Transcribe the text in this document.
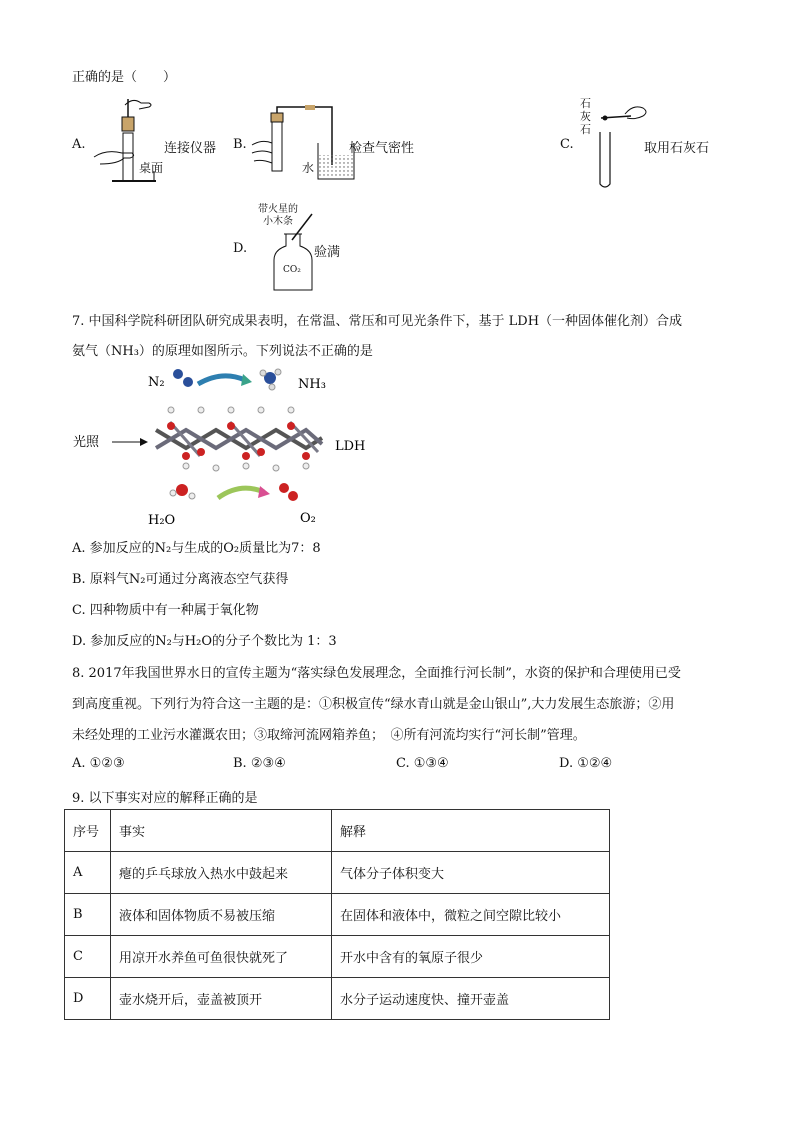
正确的是（　　）
A.
桌面
连接仪器 B.
水
检查气密性	C.
石
灰
石
取用石灰石
D.
带火星的
小木条
CO₂
验满
7. 中国科学院科研团队研究成果表明，在常温、常压和可见光条件下，基于 LDH（一种固体催化剂）合成
氨气（NH₃）的原理如图所示。下列说法不正确的是
N₂	NH₃
光照	LDH
H₂O	O₂
A. 参加反应的N₂与生成的O₂质量比为7：8
B. 原料气N₂可通过分离液态空气获得
C. 四种物质中有一种属于氧化物
D. 参加反应的N₂与H₂O的分子个数比为 1：3
8. 2017年我国世界水日的宣传主题为“落实绿色发展理念，全面推行河长制”，水资的保护和合理使用已受
到高度重视。下列行为符合这一主题的是：①积极宣传“绿水青山就是金山银山”,大力发展生态旅游；②用
未经处理的工业污水灌溉农田；③取缔河流网箱养鱼；　④所有河流均实行“河长制”管理。
A. ①②③	B. ②③④	C. ①③④	D. ①②④
9. 以下事实对应的解释正确的是
序号	事实	解释
A	瘪的乒乓球放入热水中鼓起来	气体分子体积变大
B	液体和固体物质不易被压缩	在固体和液体中，微粒之间空隙比较小
C	用凉开水养鱼可鱼很快就死了	开水中含有的氧原子很少
D	壶水烧开后，壶盖被顶开	水分子运动速度快、撞开壶盖
